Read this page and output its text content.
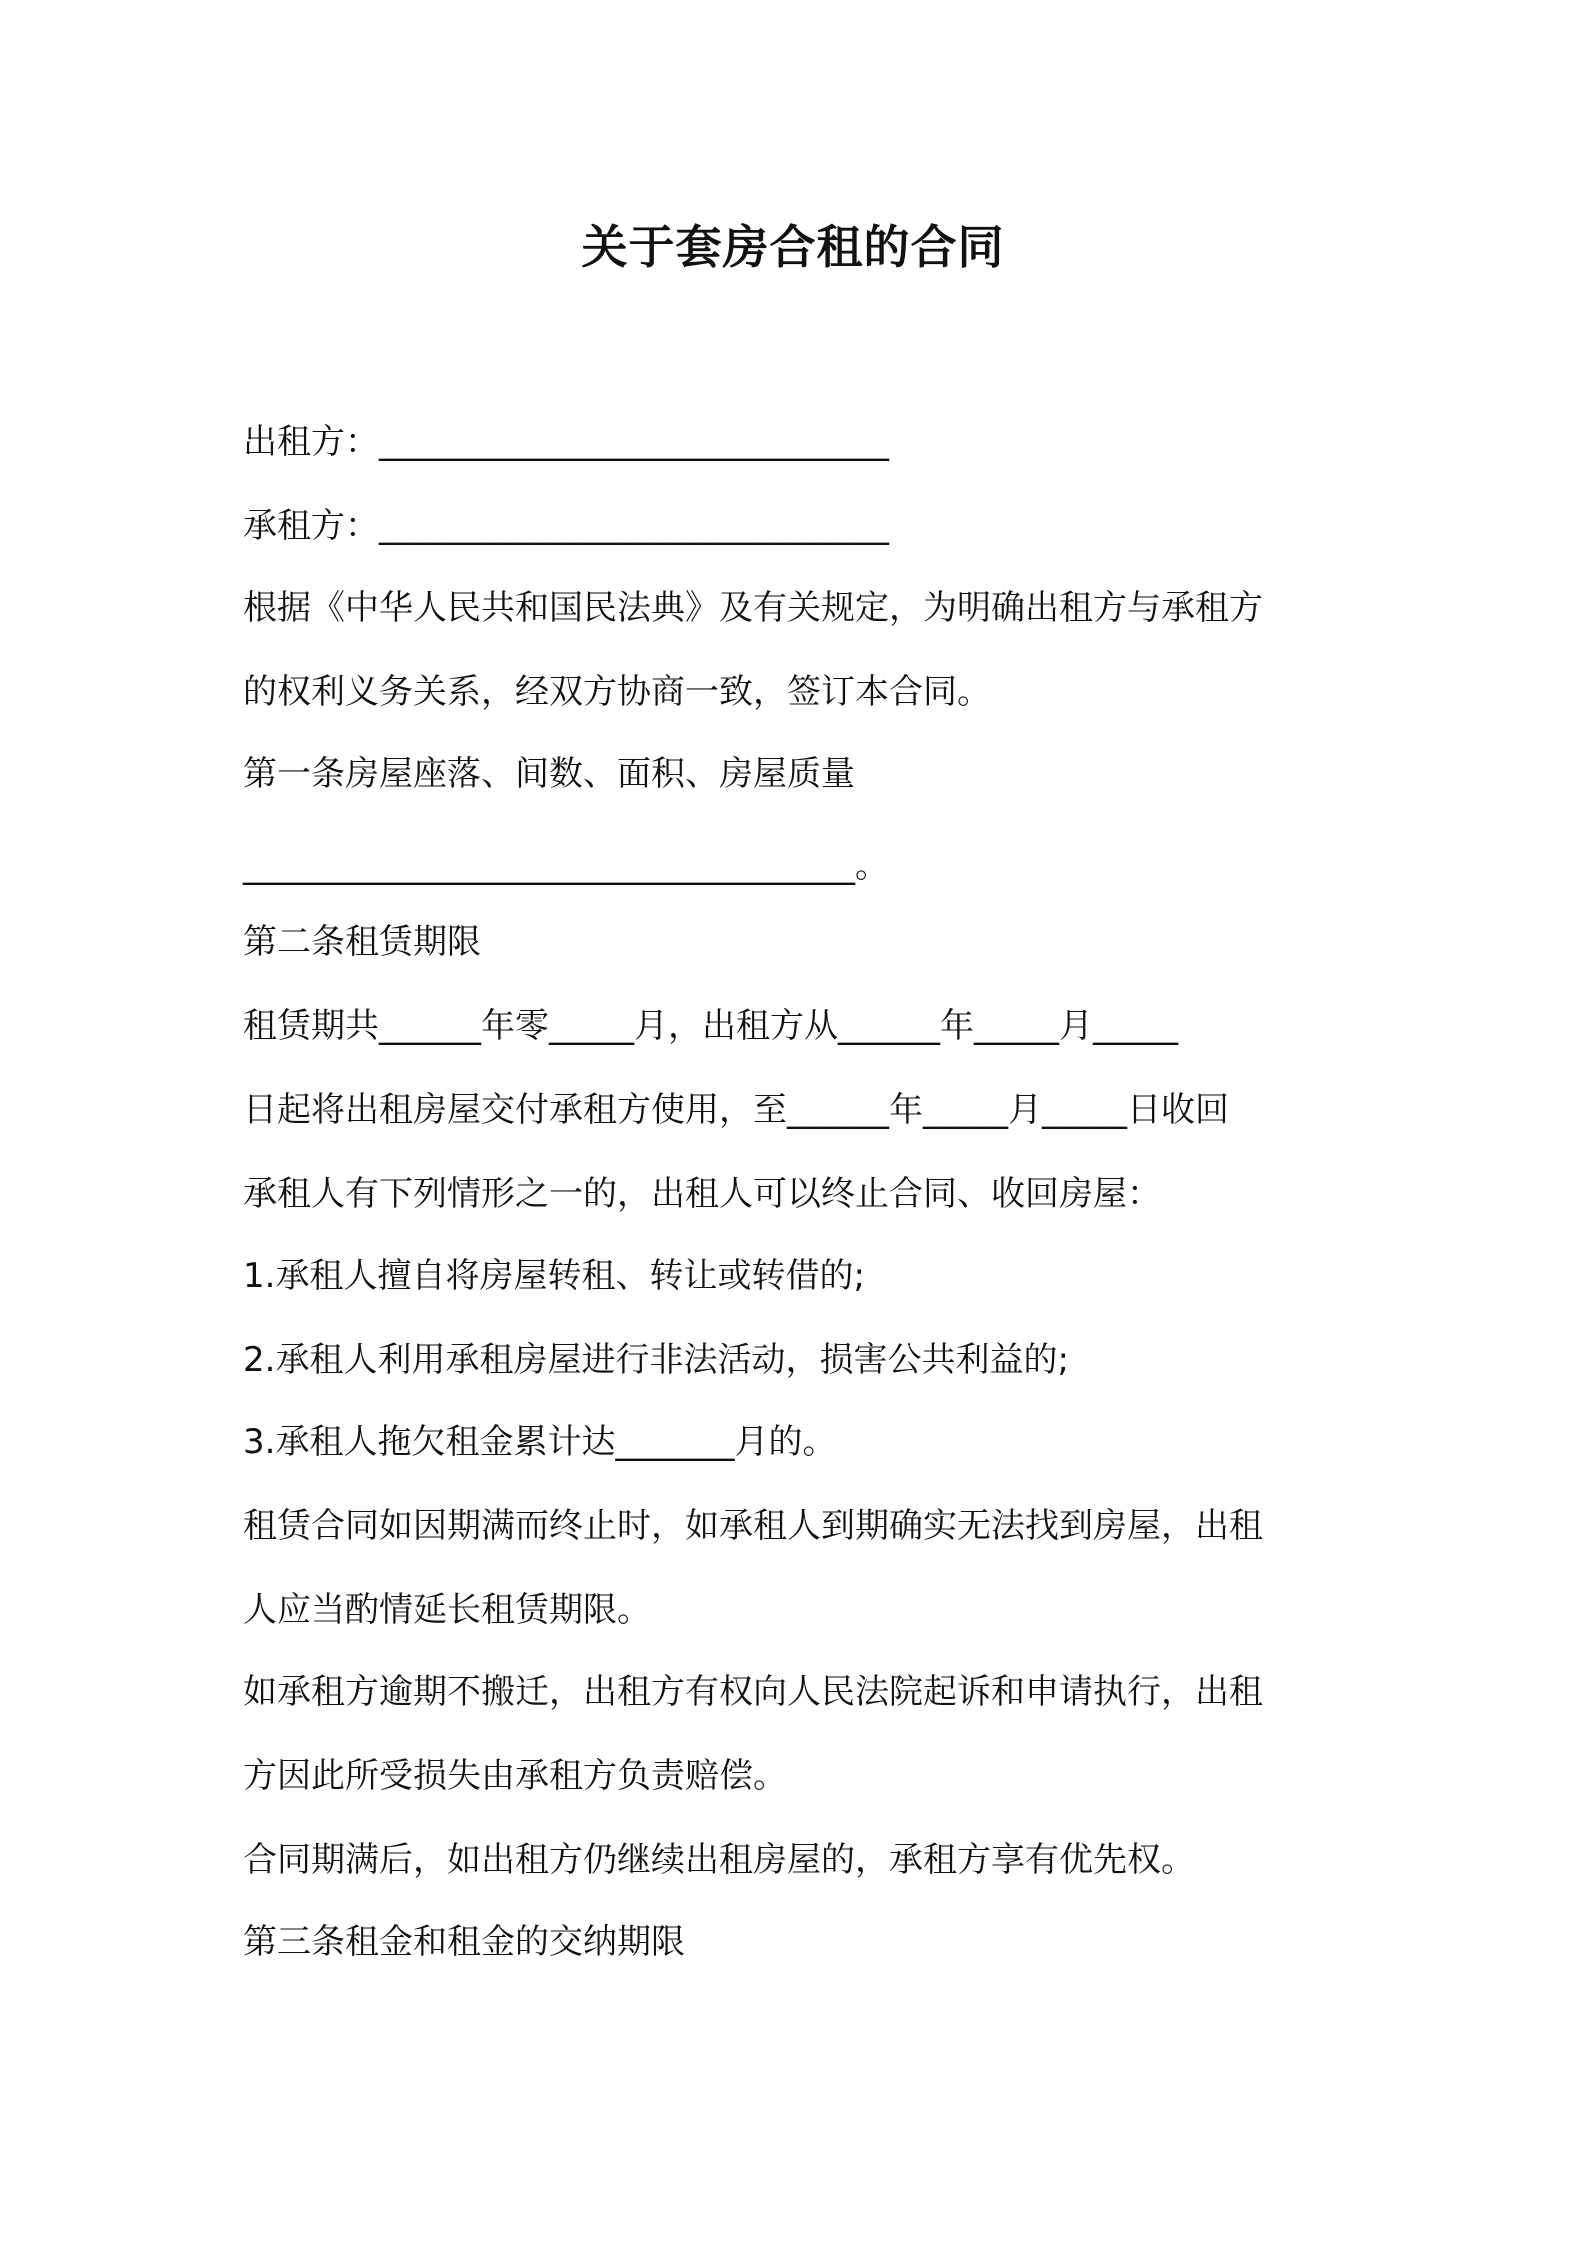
关于套房合租的合同
出租方：______________________________
承租方：______________________________
根据《中华人民共和国民法典》及有关规定，为明确出租方与承租方
的权利义务关系，经双方协商一致，签订本合同。
第一条房屋座落、间数、面积、房屋质量
____________________________________。
第二条租赁期限
租赁期共______年零_____月，出租方从______年_____月_____
日起将出租房屋交付承租方使用，至______年_____月_____日收回
承租人有下列情形之一的，出租人可以终止合同、收回房屋：
1.承租人擅自将房屋转租、转让或转借的;
2.承租人利用承租房屋进行非法活动，损害公共利益的;
3.承租人拖欠租金累计达_______月的。
租赁合同如因期满而终止时，如承租人到期确实无法找到房屋，出租
人应当酌情延长租赁期限。
如承租方逾期不搬迁，出租方有权向人民法院起诉和申请执行，出租
方因此所受损失由承租方负责赔偿。
合同期满后，如出租方仍继续出租房屋的，承租方享有优先权。
第三条租金和租金的交纳期限
